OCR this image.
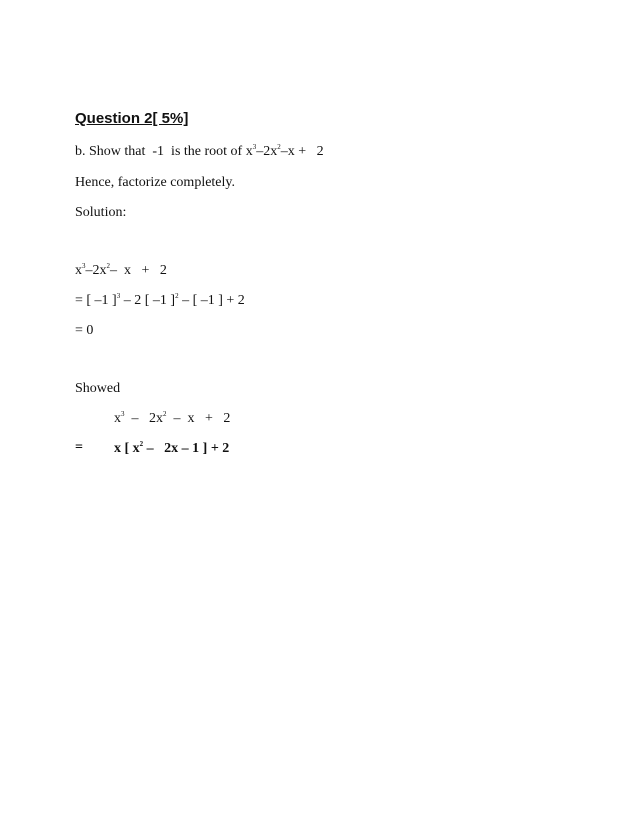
Question 2[ 5%]
b. Show that  -1  is the root of $x^3-2x^2-x + 2$
Hence, factorize completely.
Solution:
$x^3-2x^2-$  x   +   2
= [ –1 ]$^3$ – 2 [ –1 ]$^2$ – [ –1 ] + 2
= 0
Showed
$x^3 - 2x^2 - x + 2$
= x [ $x^2 - 2x - 1$ ] + 2
